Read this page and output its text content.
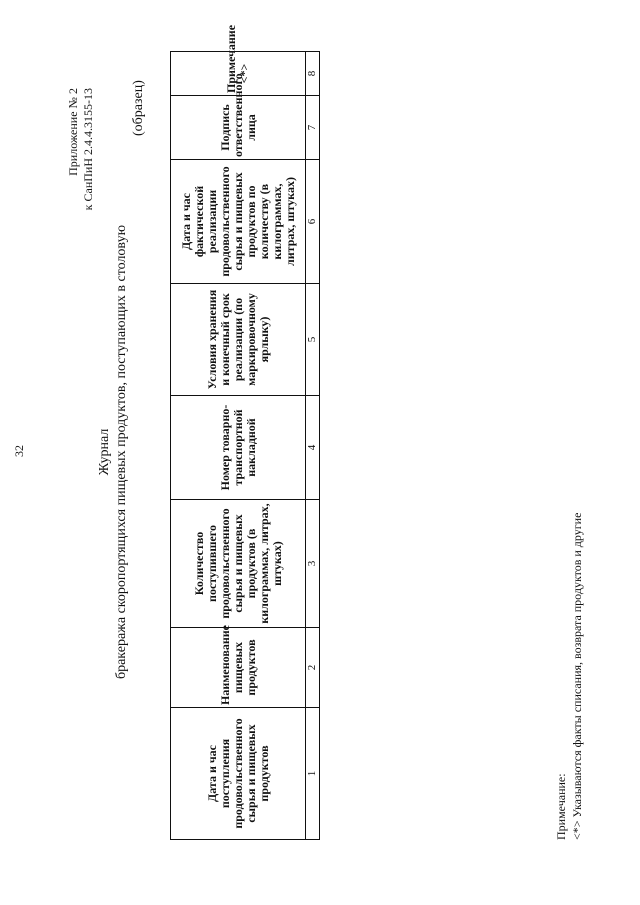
32
Приложение № 2 к СанПиН 2.4.4.3155-13
Журнал бракеража скоропортящихся пищевых продуктов, поступающих в столовую
(образец)
Дата и час поступления продовольственного сырья и пищевых продуктов	Наименование пищевых продуктов	Количество поступившего продовольственного сырья и пищевых продуктов (в килограммах, литрах, штуках)	Номер товарно-транспортной накладной	Условия хранения и конечный срок реализации (по маркировочному ярлыку)	Дата и час фактической реализации продовольственного сырья и пищевых продуктов по количеству (в килограммах, литрах, штуках)	Подпись ответственного лица	Примечание <*>
1	2	3	4	5	6	7	8
Примечание: <*> Указываются факты списания, возврата продуктов и другие
